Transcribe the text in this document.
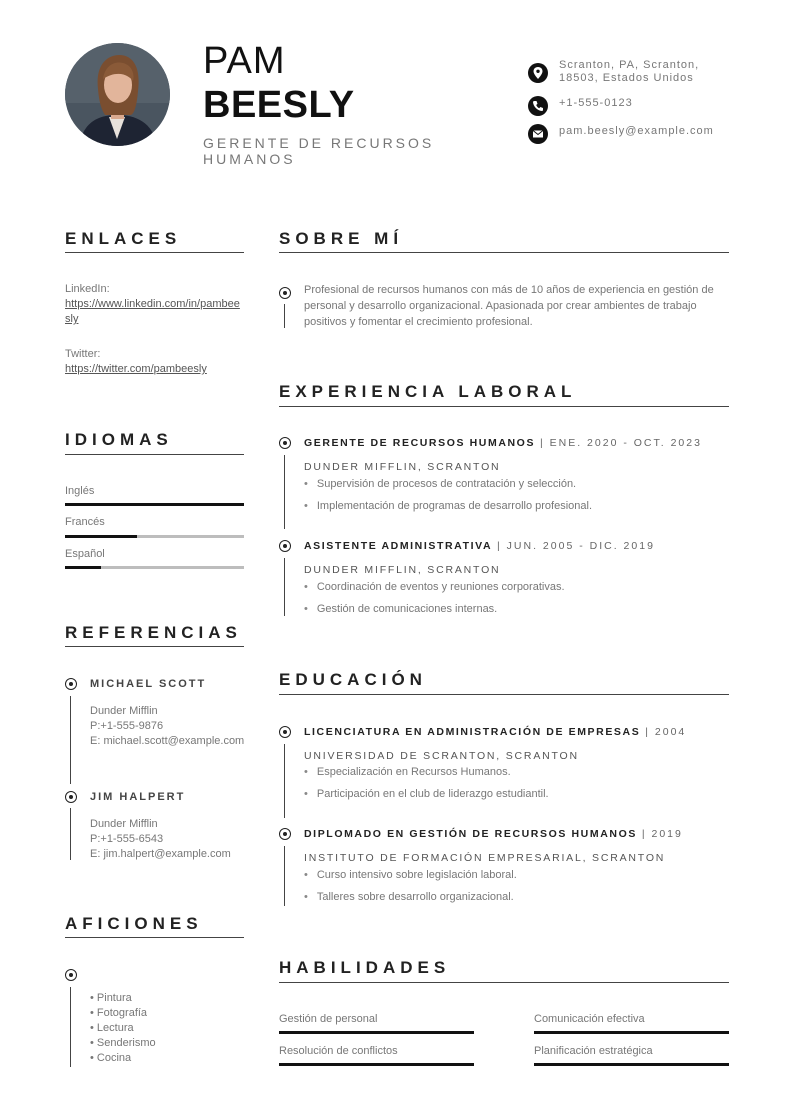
PAM
BEESLY
GERENTE DE RECURSOS HUMANOS
Scranton, PA, Scranton, 18503, Estados Unidos
+1-555-0123
pam.beesly@example.com
ENLACES
LinkedIn:
https://www.linkedin.com/in/pambeesly
Twitter:
https://twitter.com/pambeesly
IDIOMAS
Inglés
Francés
Español
REFERENCIAS
MICHAEL SCOTT
Dunder Mifflin
P:+1-555-9876
E: michael.scott@example.com
JIM HALPERT
Dunder Mifflin
P:+1-555-6543
E: jim.halpert@example.com
AFICIONES
• Pintura
• Fotografía
• Lectura
• Senderismo
• Cocina
SOBRE MÍ
Profesional de recursos humanos con más de 10 años de experiencia en gestión de personal y desarrollo organizacional. Apasionada por crear ambientes de trabajo positivos y fomentar el crecimiento profesional.
EXPERIENCIA LABORAL
GERENTE DE RECURSOS HUMANOS | ENE. 2020 - OCT. 2023
DUNDER MIFFLIN, SCRANTON
• Supervisión de procesos de contratación y selección.
• Implementación de programas de desarrollo profesional.
ASISTENTE ADMINISTRATIVA | JUN. 2005 - DIC. 2019
DUNDER MIFFLIN, SCRANTON
• Coordinación de eventos y reuniones corporativas.
• Gestión de comunicaciones internas.
EDUCACIÓN
LICENCIATURA EN ADMINISTRACIÓN DE EMPRESAS | 2004
UNIVERSIDAD DE SCRANTON, SCRANTON
• Especialización en Recursos Humanos.
• Participación en el club de liderazgo estudiantil.
DIPLOMADO EN GESTIÓN DE RECURSOS HUMANOS | 2019
INSTITUTO DE FORMACIÓN EMPRESARIAL, SCRANTON
• Curso intensivo sobre legislación laboral.
• Talleres sobre desarrollo organizacional.
HABILIDADES
Gestión de personal	Comunicación efectiva
Resolución de conflictos	Planificación estratégica
